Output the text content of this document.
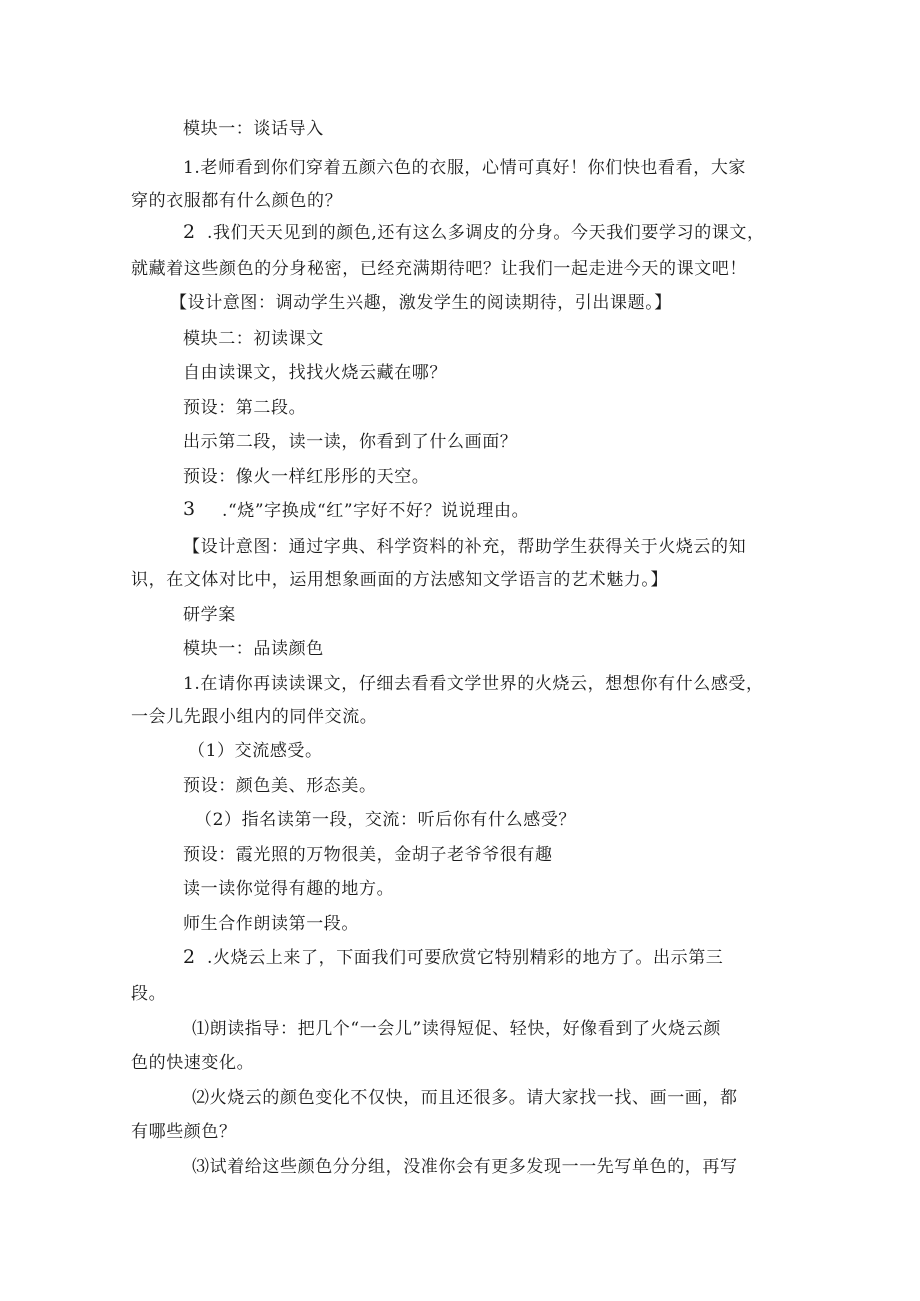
模块一：谈话导入
1.老师看到你们穿着五颜六色的衣服，心情可真好！你们快也看看，大家
穿的衣服都有什么颜色的？
2 .我们天天见到的颜色,还有这么多调皮的分身。今天我们要学习的课文，
就藏着这些颜色的分身秘密，已经充满期待吧？让我们一起走进今天的课文吧！
【设计意图：调动学生兴趣，激发学生的阅读期待，引出课题。】
模块二：初读课文
自由读课文，找找火烧云藏在哪？
预设：第二段。
出示第二段，读一读，你看到了什么画面？
预设：像火一样红彤彤的天空。
3 .“烧”字换成“红”字好不好？说说理由。
【设计意图：通过字典、科学资料的补充，帮助学生获得关于火烧云的知
识，在文体对比中，运用想象画面的方法感知文学语言的艺术魅力。】
研学案
模块一：品读颜色
1.在请你再读读课文，仔细去看看文学世界的火烧云，想想你有什么感受，
一会儿先跟小组内的同伴交流。
（1）交流感受。
预设：颜色美、形态美。
（2）指名读第一段，交流：听后你有什么感受？
预设：霞光照的万物很美，金胡子老爷爷很有趣
读一读你觉得有趣的地方。
师生合作朗读第一段。
2 .火烧云上来了，下面我们可要欣赏它特别精彩的地方了。出示第三
段。
⑴朗读指导：把几个“一会儿”读得短促、轻快，好像看到了火烧云颜
色的快速变化。
⑵火烧云的颜色变化不仅快，而且还很多。请大家找一找、画一画，都
有哪些颜色？
⑶试着给这些颜色分分组，没准你会有更多发现一一先写单色的，再写
